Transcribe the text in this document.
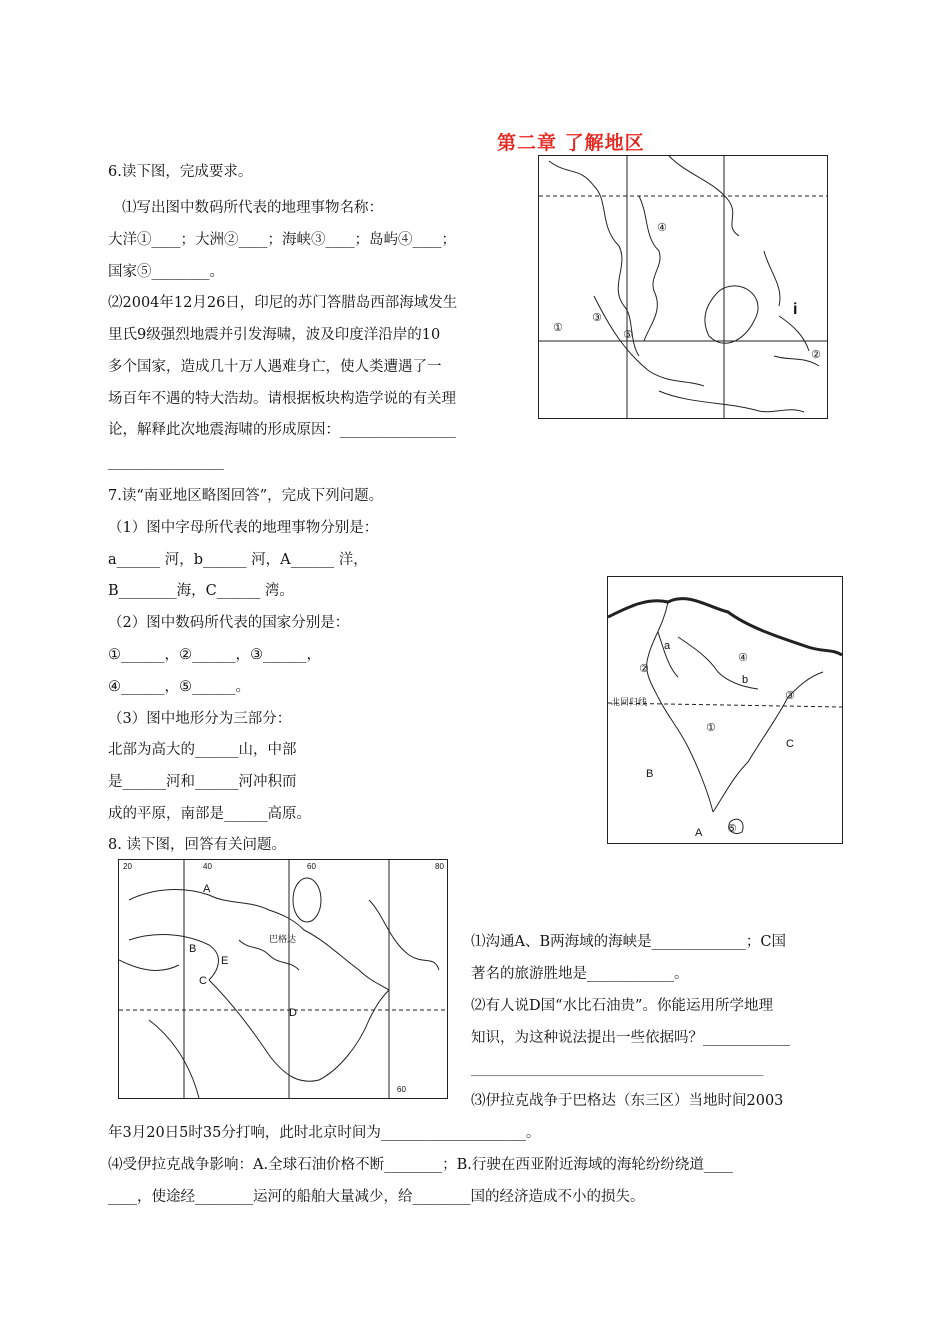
第二章 了解地区
6.读下图，完成要求。
⑴写出图中数码所代表的地理事物名称：
大洋①____；大洲②____；海峡③____；岛屿④____；
国家⑤________。
⑵2004年12月26日，印尼的苏门答腊岛西部海域发生
里氏9级强烈地震并引发海啸，波及印度洋沿岸的10
多个国家，造成几十万人遇难身亡，使人类遭遇了一
场百年不遇的特大浩劫。请根据板块构造学说的有关理
论，解释此次地震海啸的形成原因：________________
________________
①
②
③
④
⑤
i
7.读“南亚地区略图回答”，完成下列问题。
（1）图中字母所代表的地理事物分别是：
a______ 河，b______ 河，A______ 洋，
B________海，C______ 湾。
（2）图中数码所代表的国家分别是：
①______，②______，③______，
④______，⑤______。
（3）图中地形分为三部分：
北部为高大的______山，中部
是______河和______河冲积而
成的平原，南部是______高原。
a
b
①
②
③
④
⑤
A
B
C
北回归线
8. 读下图，回答有关问题。
20	40	60	80
60
A
B
C
D
E
巴格达	⑴沟通A、B两海域的海峡是_____________；C国
著名的旅游胜地是____________。
⑵有人说D国“水比石油贵”。你能运用所学地理
知识，为这种说法提出一些依据吗？____________
_____________________________________________
⑶伊拉克战争于巴格达（东三区）当地时间2003
年3月20日5时35分打响，此时北京时间为____________________。
⑷受伊拉克战争影响：A.全球石油价格不断________；B.行驶在西亚附近海域的海轮纷纷绕道____
____，使途经________运河的船舶大量减少，给________国的经济造成不小的损失。
